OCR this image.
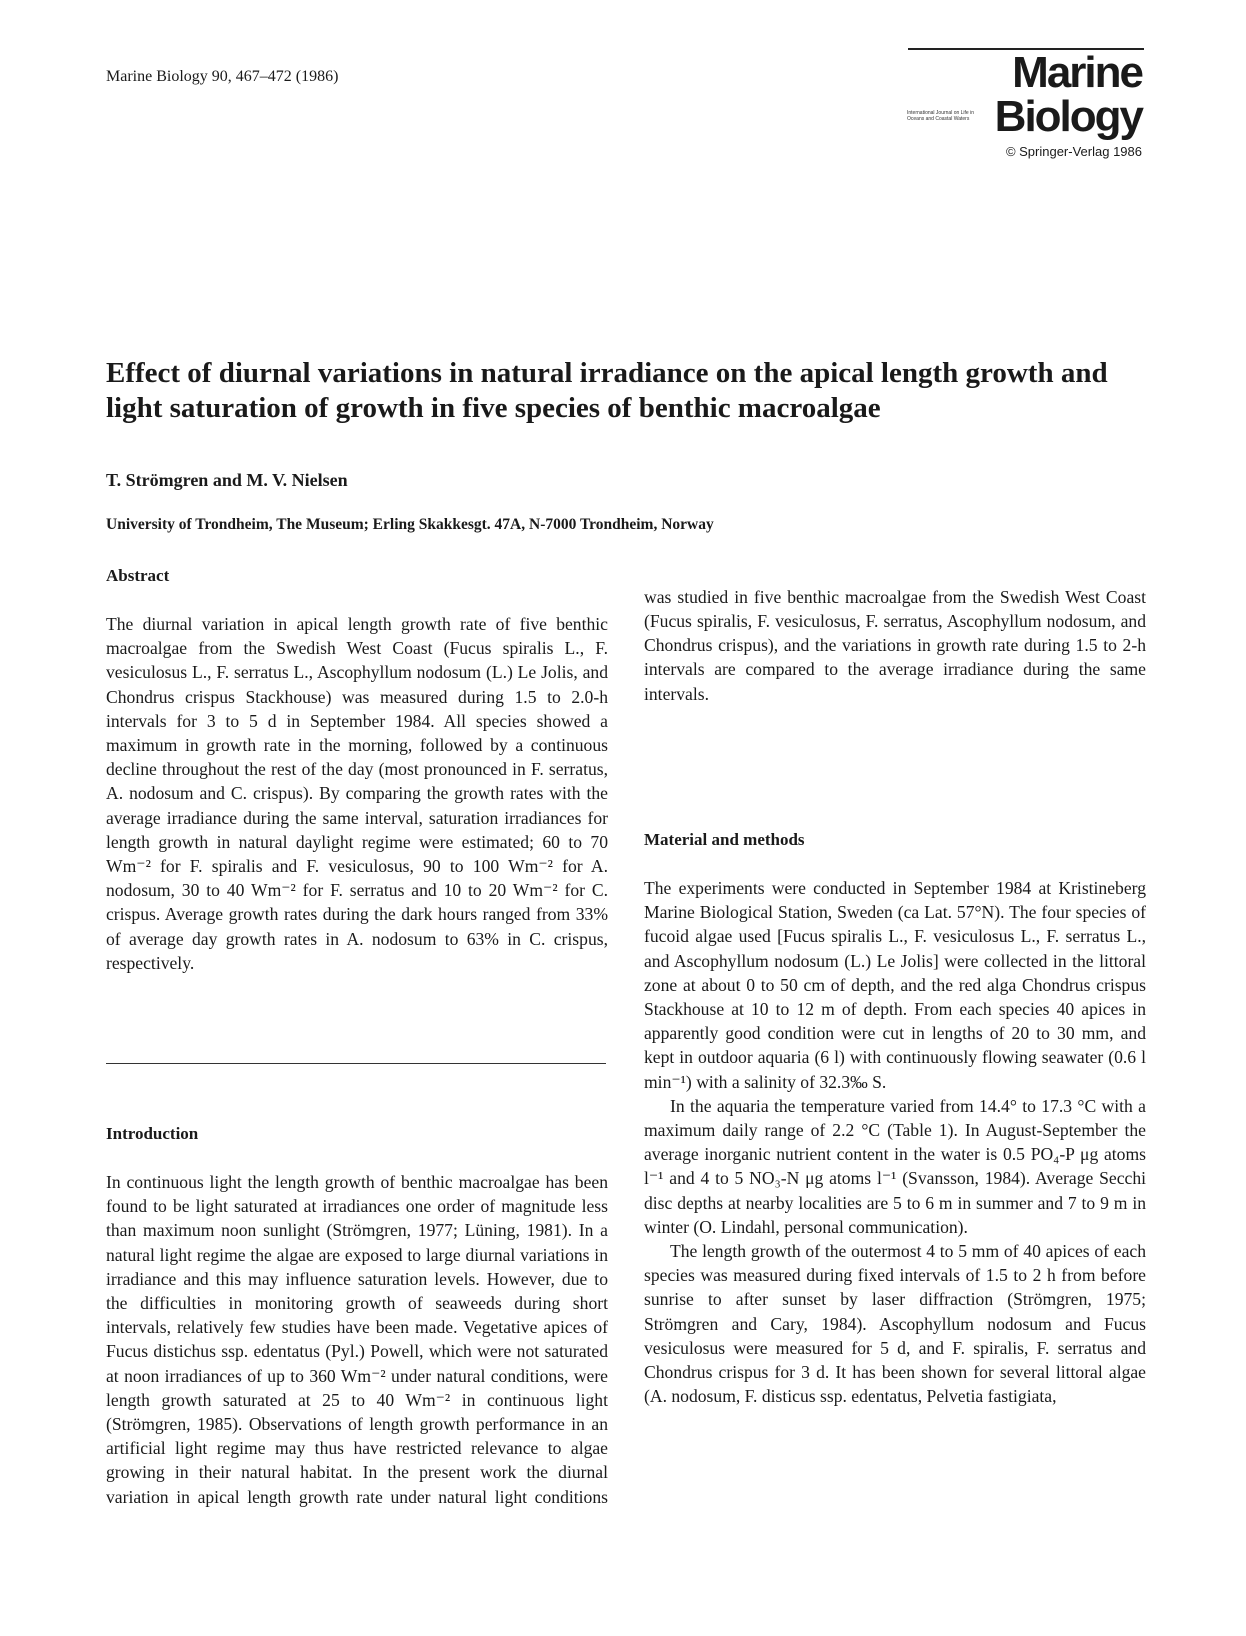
Marine Biology 90, 467–472 (1986)	Marine
International Journal on Life in Oceans and Coastal Waters Biology
© Springer-Verlag 1986
Effect of diurnal variations in natural irradiance on the apical length growth and light saturation of growth in five species of benthic macroalgae
T. Strömgren and M. V. Nielsen
University of Trondheim, The Museum; Erling Skakkesgt. 47A, N-7000 Trondheim, Norway
Abstract

The diurnal variation in apical length growth rate of five benthic macroalgae from the Swedish West Coast (Fucus spiralis L., F. vesiculosus L., F. serratus L., Ascophyllum nodosum (L.) Le Jolis, and Chondrus crispus Stackhouse) was measured during 1.5 to 2.0-h intervals for 3 to 5 d in September 1984. All species showed a maximum in growth rate in the morning, followed by a continuous decline throughout the rest of the day (most pronounced in F. serratus, A. nodosum and C. crispus). By comparing the growth rates with the average irradiance during the same interval, saturation irradiances for length growth in natural daylight regime were estimated; 60 to 70 Wm⁻² for F. spiralis and F. vesiculosus, 90 to 100 Wm⁻² for A. nodosum, 30 to 40 Wm⁻² for F. serratus and 10 to 20 Wm⁻² for C. crispus. Average growth rates during the dark hours ranged from 33% of average day growth rates in A. nodosum to 63% in C. crispus, respectively.

Introduction

In continuous light the length growth of benthic macroalgae has been found to be light saturated at irradiances one order of magnitude less than maximum noon sunlight (Strömgren, 1977; Lüning, 1981). In a natural light regime the algae are exposed to large diurnal variations in irradiance and this may influence saturation levels. However, due to the difficulties in monitoring growth of seaweeds during short intervals, relatively few studies have been made. Vegetative apices of Fucus distichus ssp. edentatus (Pyl.) Powell, which were not saturated at noon irradiances of up to 360 Wm⁻² under natural conditions, were length growth saturated at 25 to 40 Wm⁻² in continuous light (Strömgren, 1985). Observations of length growth performance in an artificial light regime may thus have restricted relevance to algae growing in their natural habitat. In the present work the diurnal variation in apical length growth rate under natural light conditions

was studied in five benthic macroalgae from the Swedish West Coast (Fucus spiralis, F. vesiculosus, F. serratus, Ascophyllum nodosum, and Chondrus crispus), and the variations in growth rate during 1.5 to 2-h intervals are compared to the average irradiance during the same intervals.

Material and methods

The experiments were conducted in September 1984 at Kristineberg Marine Biological Station, Sweden (ca Lat. 57°N). The four species of fucoid algae used [Fucus spiralis L., F. vesiculosus L., F. serratus L., and Ascophyllum nodosum (L.) Le Jolis] were collected in the littoral zone at about 0 to 50 cm of depth, and the red alga Chondrus crispus Stackhouse at 10 to 12 m of depth. From each species 40 apices in apparently good condition were cut in lengths of 20 to 30 mm, and kept in outdoor aquaria (6 l) with continuously flowing seawater (0.6 l min⁻¹) with a salinity of 32.3‰ S.

In the aquaria the temperature varied from 14.4° to 17.3 °C with a maximum daily range of 2.2 °C (Table 1). In August-September the average inorganic nutrient content in the water is 0.5 PO₄-P μg atoms l⁻¹ and 4 to 5 NO₃-N μg atoms l⁻¹ (Svansson, 1984). Average Secchi disc depths at nearby localities are 5 to 6 m in summer and 7 to 9 m in winter (O. Lindahl, personal communication).

The length growth of the outermost 4 to 5 mm of 40 apices of each species was measured during fixed intervals of 1.5 to 2 h from before sunrise to after sunset by laser diffraction (Strömgren, 1975; Strömgren and Cary, 1984). Ascophyllum nodosum and Fucus vesiculosus were measured for 5 d, and F. spiralis, F. serratus and Chondrus crispus for 3 d. It has been shown for several littoral algae (A. nodosum, F. disticus ssp. edentatus, Pelvetia fastigiata,
